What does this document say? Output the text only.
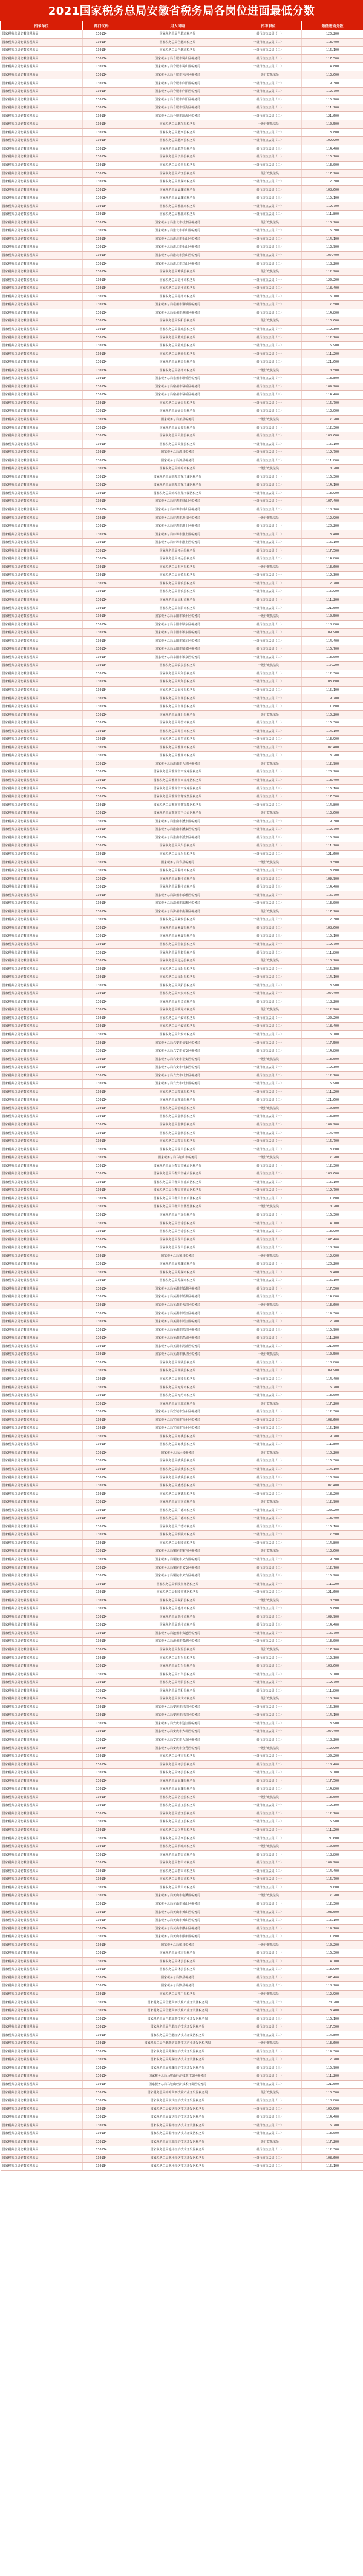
2021国家税务总局安徽省税务局各岗位进面最低分数
招录单位	部门代码	用人司局	招考职位	最低进面分数
国家税务总局安徽省税务局	130134	国家税务总局合肥市税务局	一级行政执法员（一）	120.200
国家税务总局安徽省税务局	130134	国家税务总局合肥市税务局	一级行政执法员（二）	118.400
国家税务总局安徽省税务局	130134	国家税务总局合肥市税务局	一级行政执法员（三）	116.100
国家税务总局安徽省税务局	130134	国家税务总局合肥市蜀山区税务局	一级行政执法员（一）	117.500
国家税务总局安徽省税务局	130134	国家税务总局合肥市蜀山区税务局	一级行政执法员（二）	114.800
国家税务总局安徽省税务局	130134	国家税务总局合肥市包河区税务局	一级行政执法员	113.600
国家税务总局安徽省税务局	130134	国家税务总局合肥市庐阳区税务局	一级行政执法员（一）	119.300
国家税务总局安徽省税务局	130134	国家税务总局合肥市庐阳区税务局	一级行政执法员（二）	112.700
国家税务总局安徽省税务局	130134	国家税务总局合肥市庐阳区税务局	一级行政执法员（三）	115.900
国家税务总局安徽省税务局	130134	国家税务总局合肥市瑶海区税务局	一级行政执法员（一）	111.200
国家税务总局安徽省税务局	130134	国家税务总局合肥市瑶海区税务局	一级行政执法员（二）	121.600
国家税务总局安徽省税务局	130134	国家税务总局肥东县税务局	一级行政执法员	110.500
国家税务总局安徽省税务局	130134	国家税务总局肥西县税务局	一级行政执法员（一）	118.800
国家税务总局安徽省税务局	130134	国家税务总局肥西县税务局	一级行政执法员（二）	109.900
国家税务总局安徽省税务局	130134	国家税务总局肥西县税务局	一级行政执法员（三）	114.400
国家税务总局安徽省税务局	130134	国家税务总局长丰县税务局	一级行政执法员（一）	116.700
国家税务总局安徽省税务局	130134	国家税务总局长丰县税务局	一级行政执法员（二）	113.000
国家税务总局安徽省税务局	130134	国家税务总局庐江县税务局	一级行政执法员	117.200
国家税务总局安徽省税务局	130134	国家税务总局巢湖市税务局	一级行政执法员（一）	112.300
国家税务总局安徽省税务局	130134	国家税务总局巢湖市税务局	一级行政执法员（二）	108.600
国家税务总局安徽省税务局	130134	国家税务总局巢湖市税务局	一级行政执法员（三）	115.100
国家税务总局安徽省税务局	130134	国家税务总局淮北市税务局	一级行政执法员（一）	119.700
国家税务总局安徽省税务局	130134	国家税务总局淮北市税务局	一级行政执法员（二）	111.800
国家税务总局安徽省税务局	130134	国家税务总局淮北市杜集区税务局	一级行政执法员	110.200
国家税务总局安徽省税务局	130134	国家税务总局淮北市相山区税务局	一级行政执法员（一）	116.300
国家税务总局安徽省税务局	130134	国家税务总局淮北市相山区税务局	一级行政执法员（二）	114.100
国家税务总局安徽省税务局	130134	国家税务总局淮北市相山区税务局	一级行政执法员（三）	113.900
国家税务总局安徽省税务局	130134	国家税务总局淮北市烈山区税务局	一级行政执法员（一）	107.400
国家税务总局安徽省税务局	130134	国家税务总局淮北市烈山区税务局	一级行政执法员（二）	118.200
国家税务总局安徽省税务局	130134	国家税务总局濉溪县税务局	一级行政执法员	112.900
国家税务总局安徽省税务局	130134	国家税务总局亳州市税务局	一级行政执法员（一）	120.200
国家税务总局安徽省税务局	130134	国家税务总局亳州市税务局	一级行政执法员（二）	118.400
国家税务总局安徽省税务局	130134	国家税务总局亳州市税务局	一级行政执法员（三）	116.100
国家税务总局安徽省税务局	130134	国家税务总局亳州市谯城区税务局	一级行政执法员（一）	117.500
国家税务总局安徽省税务局	130134	国家税务总局亳州市谯城区税务局	一级行政执法员（二）	114.800
国家税务总局安徽省税务局	130134	国家税务总局涡阳县税务局	一级行政执法员	113.600
国家税务总局安徽省税务局	130134	国家税务总局蒙城县税务局	一级行政执法员（一）	119.300
国家税务总局安徽省税务局	130134	国家税务总局蒙城县税务局	一级行政执法员（二）	112.700
国家税务总局安徽省税务局	130134	国家税务总局蒙城县税务局	一级行政执法员（三）	115.900
国家税务总局安徽省税务局	130134	国家税务总局利辛县税务局	一级行政执法员（一）	111.200
国家税务总局安徽省税务局	130134	国家税务总局利辛县税务局	一级行政执法员（二）	121.600
国家税务总局安徽省税务局	130134	国家税务总局宿州市税务局	一级行政执法员	110.500
国家税务总局安徽省税务局	130134	国家税务总局宿州市埇桥区税务局	一级行政执法员（一）	118.800
国家税务总局安徽省税务局	130134	国家税务总局宿州市埇桥区税务局	一级行政执法员（二）	109.900
国家税务总局安徽省税务局	130134	国家税务总局宿州市埇桥区税务局	一级行政执法员（三）	114.400
国家税务总局安徽省税务局	130134	国家税务总局砀山县税务局	一级行政执法员（一）	116.700
国家税务总局安徽省税务局	130134	国家税务总局砀山县税务局	一级行政执法员（二）	113.000
国家税务总局安徽省税务局	130134	国家税务总局萧县税务局	一级行政执法员	117.200
国家税务总局安徽省税务局	130134	国家税务总局灵璧县税务局	一级行政执法员（一）	112.300
国家税务总局安徽省税务局	130134	国家税务总局灵璧县税务局	一级行政执法员（二）	108.600
国家税务总局安徽省税务局	130134	国家税务总局灵璧县税务局	一级行政执法员（三）	115.100
国家税务总局安徽省税务局	130134	国家税务总局泗县税务局	一级行政执法员（一）	119.700
国家税务总局安徽省税务局	130134	国家税务总局泗县税务局	一级行政执法员（二）	111.800
国家税务总局安徽省税务局	130134	国家税务总局蚌埠市税务局	一级行政执法员	110.200
国家税务总局安徽省税务局	130134	国家税务总局蚌埠市龙子湖区税务局	一级行政执法员（一）	116.300
国家税务总局安徽省税务局	130134	国家税务总局蚌埠市龙子湖区税务局	一级行政执法员（二）	114.100
国家税务总局安徽省税务局	130134	国家税务总局蚌埠市龙子湖区税务局	一级行政执法员（三）	113.900
国家税务总局安徽省税务局	130134	国家税务总局蚌埠市蚌山区税务局	一级行政执法员（一）	107.400
国家税务总局安徽省税务局	130134	国家税务总局蚌埠市蚌山区税务局	一级行政执法员（二）	118.200
国家税务总局安徽省税务局	130134	国家税务总局蚌埠市禹会区税务局	一级行政执法员	112.900
国家税务总局安徽省税务局	130134	国家税务总局蚌埠市淮上区税务局	一级行政执法员（一）	120.200
国家税务总局安徽省税务局	130134	国家税务总局蚌埠市淮上区税务局	一级行政执法员（二）	118.400
国家税务总局安徽省税务局	130134	国家税务总局蚌埠市淮上区税务局	一级行政执法员（三）	116.100
国家税务总局安徽省税务局	130134	国家税务总局怀远县税务局	一级行政执法员（一）	117.500
国家税务总局安徽省税务局	130134	国家税务总局怀远县税务局	一级行政执法员（二）	114.800
国家税务总局安徽省税务局	130134	国家税务总局五河县税务局	一级行政执法员	113.600
国家税务总局安徽省税务局	130134	国家税务总局固镇县税务局	一级行政执法员（一）	119.300
国家税务总局安徽省税务局	130134	国家税务总局固镇县税务局	一级行政执法员（二）	112.700
国家税务总局安徽省税务局	130134	国家税务总局固镇县税务局	一级行政执法员（三）	115.900
国家税务总局安徽省税务局	130134	国家税务总局阜阳市税务局	一级行政执法员（一）	111.200
国家税务总局安徽省税务局	130134	国家税务总局阜阳市税务局	一级行政执法员（二）	121.600
国家税务总局安徽省税务局	130134	国家税务总局阜阳市颍州区税务局	一级行政执法员	110.500
国家税务总局安徽省税务局	130134	国家税务总局阜阳市颍东区税务局	一级行政执法员（一）	118.800
国家税务总局安徽省税务局	130134	国家税务总局阜阳市颍东区税务局	一级行政执法员（二）	109.900
国家税务总局安徽省税务局	130134	国家税务总局阜阳市颍东区税务局	一级行政执法员（三）	114.400
国家税务总局安徽省税务局	130134	国家税务总局阜阳市颍泉区税务局	一级行政执法员（一）	116.700
国家税务总局安徽省税务局	130134	国家税务总局阜阳市颍泉区税务局	一级行政执法员（二）	113.000
国家税务总局安徽省税务局	130134	国家税务总局临泉县税务局	一级行政执法员	117.200
国家税务总局安徽省税务局	130134	国家税务总局太和县税务局	一级行政执法员（一）	112.300
国家税务总局安徽省税务局	130134	国家税务总局太和县税务局	一级行政执法员（二）	108.600
国家税务总局安徽省税务局	130134	国家税务总局太和县税务局	一级行政执法员（三）	115.100
国家税务总局安徽省税务局	130134	国家税务总局阜南县税务局	一级行政执法员（一）	119.700
国家税务总局安徽省税务局	130134	国家税务总局阜南县税务局	一级行政执法员（二）	111.800
国家税务总局安徽省税务局	130134	国家税务总局颍上县税务局	一级行政执法员	110.200
国家税务总局安徽省税务局	130134	国家税务总局界首市税务局	一级行政执法员（一）	116.300
国家税务总局安徽省税务局	130134	国家税务总局界首市税务局	一级行政执法员（二）	114.100
国家税务总局安徽省税务局	130134	国家税务总局界首市税务局	一级行政执法员（三）	113.900
国家税务总局安徽省税务局	130134	国家税务总局淮南市税务局	一级行政执法员（一）	107.400
国家税务总局安徽省税务局	130134	国家税务总局淮南市税务局	一级行政执法员（二）	118.200
国家税务总局安徽省税务局	130134	国家税务总局淮南市大通区税务局	一级行政执法员	112.900
国家税务总局安徽省税务局	130134	国家税务总局淮南市田家庵区税务局	一级行政执法员（一）	120.200
国家税务总局安徽省税务局	130134	国家税务总局淮南市田家庵区税务局	一级行政执法员（二）	118.400
国家税务总局安徽省税务局	130134	国家税务总局淮南市田家庵区税务局	一级行政执法员（三）	116.100
国家税务总局安徽省税务局	130134	国家税务总局淮南市谢家集区税务局	一级行政执法员（一）	117.500
国家税务总局安徽省税务局	130134	国家税务总局淮南市谢家集区税务局	一级行政执法员（二）	114.800
国家税务总局安徽省税务局	130134	国家税务总局淮南市八公山区税务局	一级行政执法员	113.600
国家税务总局安徽省税务局	130134	国家税务总局淮南市潘集区税务局	一级行政执法员（一）	119.300
国家税务总局安徽省税务局	130134	国家税务总局淮南市潘集区税务局	一级行政执法员（二）	112.700
国家税务总局安徽省税务局	130134	国家税务总局淮南市潘集区税务局	一级行政执法员（三）	115.900
国家税务总局安徽省税务局	130134	国家税务总局凤台县税务局	一级行政执法员（一）	111.200
国家税务总局安徽省税务局	130134	国家税务总局凤台县税务局	一级行政执法员（二）	121.600
国家税务总局安徽省税务局	130134	国家税务总局寿县税务局	一级行政执法员	110.500
国家税务总局安徽省税务局	130134	国家税务总局滁州市税务局	一级行政执法员（一）	118.800
国家税务总局安徽省税务局	130134	国家税务总局滁州市税务局	一级行政执法员（二）	109.900
国家税务总局安徽省税务局	130134	国家税务总局滁州市税务局	一级行政执法员（三）	114.400
国家税务总局安徽省税务局	130134	国家税务总局滁州市琅琊区税务局	一级行政执法员（一）	116.700
国家税务总局安徽省税务局	130134	国家税务总局滁州市琅琊区税务局	一级行政执法员（二）	113.000
国家税务总局安徽省税务局	130134	国家税务总局滁州市南谯区税务局	一级行政执法员	117.200
国家税务总局安徽省税务局	130134	国家税务总局来安县税务局	一级行政执法员（一）	112.300
国家税务总局安徽省税务局	130134	国家税务总局来安县税务局	一级行政执法员（二）	108.600
国家税务总局安徽省税务局	130134	国家税务总局来安县税务局	一级行政执法员（三）	115.100
国家税务总局安徽省税务局	130134	国家税务总局全椒县税务局	一级行政执法员（一）	119.700
国家税务总局安徽省税务局	130134	国家税务总局全椒县税务局	一级行政执法员（二）	111.800
国家税务总局安徽省税务局	130134	国家税务总局定远县税务局	一级行政执法员	110.200
国家税务总局安徽省税务局	130134	国家税务总局凤阳县税务局	一级行政执法员（一）	116.300
国家税务总局安徽省税务局	130134	国家税务总局凤阳县税务局	一级行政执法员（二）	114.100
国家税务总局安徽省税务局	130134	国家税务总局凤阳县税务局	一级行政执法员（三）	113.900
国家税务总局安徽省税务局	130134	国家税务总局天长市税务局	一级行政执法员（一）	107.400
国家税务总局安徽省税务局	130134	国家税务总局天长市税务局	一级行政执法员（二）	118.200
国家税务总局安徽省税务局	130134	国家税务总局明光市税务局	一级行政执法员	112.900
国家税务总局安徽省税务局	130134	国家税务总局六安市税务局	一级行政执法员（一）	120.200
国家税务总局安徽省税务局	130134	国家税务总局六安市税务局	一级行政执法员（二）	118.400
国家税务总局安徽省税务局	130134	国家税务总局六安市税务局	一级行政执法员（三）	116.100
国家税务总局安徽省税务局	130134	国家税务总局六安市金安区税务局	一级行政执法员（一）	117.500
国家税务总局安徽省税务局	130134	国家税务总局六安市金安区税务局	一级行政执法员（二）	114.800
国家税务总局安徽省税务局	130134	国家税务总局六安市裕安区税务局	一级行政执法员	113.600
国家税务总局安徽省税务局	130134	国家税务总局六安市叶集区税务局	一级行政执法员（一）	119.300
国家税务总局安徽省税务局	130134	国家税务总局六安市叶集区税务局	一级行政执法员（二）	112.700
国家税务总局安徽省税务局	130134	国家税务总局六安市叶集区税务局	一级行政执法员（三）	115.900
国家税务总局安徽省税务局	130134	国家税务总局霍邱县税务局	一级行政执法员（一）	111.200
国家税务总局安徽省税务局	130134	国家税务总局霍邱县税务局	一级行政执法员（二）	121.600
国家税务总局安徽省税务局	130134	国家税务总局舒城县税务局	一级行政执法员	110.500
国家税务总局安徽省税务局	130134	国家税务总局金寨县税务局	一级行政执法员（一）	118.800
国家税务总局安徽省税务局	130134	国家税务总局金寨县税务局	一级行政执法员（二）	109.900
国家税务总局安徽省税务局	130134	国家税务总局金寨县税务局	一级行政执法员（三）	114.400
国家税务总局安徽省税务局	130134	国家税务总局霍山县税务局	一级行政执法员（一）	116.700
国家税务总局安徽省税务局	130134	国家税务总局霍山县税务局	一级行政执法员（二）	113.000
国家税务总局安徽省税务局	130134	国家税务总局马鞍山市税务局	一级行政执法员	117.200
国家税务总局安徽省税务局	130134	国家税务总局马鞍山市花山区税务局	一级行政执法员（一）	112.300
国家税务总局安徽省税务局	130134	国家税务总局马鞍山市花山区税务局	一级行政执法员（二）	108.600
国家税务总局安徽省税务局	130134	国家税务总局马鞍山市花山区税务局	一级行政执法员（三）	115.100
国家税务总局安徽省税务局	130134	国家税务总局马鞍山市雨山区税务局	一级行政执法员（一）	119.700
国家税务总局安徽省税务局	130134	国家税务总局马鞍山市雨山区税务局	一级行政执法员（二）	111.800
国家税务总局安徽省税务局	130134	国家税务总局马鞍山市博望区税务局	一级行政执法员	110.200
国家税务总局安徽省税务局	130134	国家税务总局当涂县税务局	一级行政执法员（一）	116.300
国家税务总局安徽省税务局	130134	国家税务总局当涂县税务局	一级行政执法员（二）	114.100
国家税务总局安徽省税务局	130134	国家税务总局当涂县税务局	一级行政执法员（三）	113.900
国家税务总局安徽省税务局	130134	国家税务总局含山县税务局	一级行政执法员（一）	107.400
国家税务总局安徽省税务局	130134	国家税务总局含山县税务局	一级行政执法员（二）	118.200
国家税务总局安徽省税务局	130134	国家税务总局和县税务局	一级行政执法员	112.900
国家税务总局安徽省税务局	130134	国家税务总局芜湖市税务局	一级行政执法员（一）	120.200
国家税务总局安徽省税务局	130134	国家税务总局芜湖市税务局	一级行政执法员（二）	118.400
国家税务总局安徽省税务局	130134	国家税务总局芜湖市税务局	一级行政执法员（三）	116.100
国家税务总局安徽省税务局	130134	国家税务总局芜湖市镜湖区税务局	一级行政执法员（一）	117.500
国家税务总局安徽省税务局	130134	国家税务总局芜湖市镜湖区税务局	一级行政执法员（二）	114.800
国家税务总局安徽省税务局	130134	国家税务总局芜湖市弋江区税务局	一级行政执法员	113.600
国家税务总局安徽省税务局	130134	国家税务总局芜湖市鸠江区税务局	一级行政执法员（一）	119.300
国家税务总局安徽省税务局	130134	国家税务总局芜湖市鸠江区税务局	一级行政执法员（二）	112.700
国家税务总局安徽省税务局	130134	国家税务总局芜湖市鸠江区税务局	一级行政执法员（三）	115.900
国家税务总局安徽省税务局	130134	国家税务总局芜湖市湾沚区税务局	一级行政执法员（一）	111.200
国家税务总局安徽省税务局	130134	国家税务总局芜湖市湾沚区税务局	一级行政执法员（二）	121.600
国家税务总局安徽省税务局	130134	国家税务总局芜湖市繁昌区税务局	一级行政执法员	110.500
国家税务总局安徽省税务局	130134	国家税务总局南陵县税务局	一级行政执法员（一）	118.800
国家税务总局安徽省税务局	130134	国家税务总局南陵县税务局	一级行政执法员（二）	109.900
国家税务总局安徽省税务局	130134	国家税务总局南陵县税务局	一级行政执法员（三）	114.400
国家税务总局安徽省税务局	130134	国家税务总局无为市税务局	一级行政执法员（一）	116.700
国家税务总局安徽省税务局	130134	国家税务总局无为市税务局	一级行政执法员（二）	113.000
国家税务总局安徽省税务局	130134	国家税务总局宣城市税务局	一级行政执法员	117.200
国家税务总局安徽省税务局	130134	国家税务总局宣城市宣州区税务局	一级行政执法员（一）	112.300
国家税务总局安徽省税务局	130134	国家税务总局宣城市宣州区税务局	一级行政执法员（二）	108.600
国家税务总局安徽省税务局	130134	国家税务总局宣城市宣州区税务局	一级行政执法员（三）	115.100
国家税务总局安徽省税务局	130134	国家税务总局郎溪县税务局	一级行政执法员（一）	119.700
国家税务总局安徽省税务局	130134	国家税务总局郎溪县税务局	一级行政执法员（二）	111.800
国家税务总局安徽省税务局	130134	国家税务总局泾县税务局	一级行政执法员	110.200
国家税务总局安徽省税务局	130134	国家税务总局绩溪县税务局	一级行政执法员（一）	116.300
国家税务总局安徽省税务局	130134	国家税务总局绩溪县税务局	一级行政执法员（二）	114.100
国家税务总局安徽省税务局	130134	国家税务总局绩溪县税务局	一级行政执法员（三）	113.900
国家税务总局安徽省税务局	130134	国家税务总局旌德县税务局	一级行政执法员（一）	107.400
国家税务总局安徽省税务局	130134	国家税务总局旌德县税务局	一级行政执法员（二）	118.200
国家税务总局安徽省税务局	130134	国家税务总局宁国市税务局	一级行政执法员	112.900
国家税务总局安徽省税务局	130134	国家税务总局广德市税务局	一级行政执法员（一）	120.200
国家税务总局安徽省税务局	130134	国家税务总局广德市税务局	一级行政执法员（二）	118.400
国家税务总局安徽省税务局	130134	国家税务总局广德市税务局	一级行政执法员（三）	116.100
国家税务总局安徽省税务局	130134	国家税务总局铜陵市税务局	一级行政执法员（一）	117.500
国家税务总局安徽省税务局	130134	国家税务总局铜陵市税务局	一级行政执法员（二）	114.800
国家税务总局安徽省税务局	130134	国家税务总局铜陵市铜官区税务局	一级行政执法员	113.600
国家税务总局安徽省税务局	130134	国家税务总局铜陵市义安区税务局	一级行政执法员（一）	119.300
国家税务总局安徽省税务局	130134	国家税务总局铜陵市义安区税务局	一级行政执法员（二）	112.700
国家税务总局安徽省税务局	130134	国家税务总局铜陵市义安区税务局	一级行政执法员（三）	115.900
国家税务总局安徽省税务局	130134	国家税务总局铜陵市郊区税务局	一级行政执法员（一）	111.200
国家税务总局安徽省税务局	130134	国家税务总局铜陵市郊区税务局	一级行政执法员（二）	121.600
国家税务总局安徽省税务局	130134	国家税务总局枞阳县税务局	一级行政执法员	110.500
国家税务总局安徽省税务局	130134	国家税务总局池州市税务局	一级行政执法员（一）	118.800
国家税务总局安徽省税务局	130134	国家税务总局池州市税务局	一级行政执法员（二）	109.900
国家税务总局安徽省税务局	130134	国家税务总局池州市税务局	一级行政执法员（三）	114.400
国家税务总局安徽省税务局	130134	国家税务总局池州市贵池区税务局	一级行政执法员（一）	116.700
国家税务总局安徽省税务局	130134	国家税务总局池州市贵池区税务局	一级行政执法员（二）	113.000
国家税务总局安徽省税务局	130134	国家税务总局东至县税务局	一级行政执法员	117.200
国家税务总局安徽省税务局	130134	国家税务总局石台县税务局	一级行政执法员（一）	112.300
国家税务总局安徽省税务局	130134	国家税务总局石台县税务局	一级行政执法员（二）	108.600
国家税务总局安徽省税务局	130134	国家税务总局石台县税务局	一级行政执法员（三）	115.100
国家税务总局安徽省税务局	130134	国家税务总局青阳县税务局	一级行政执法员（一）	119.700
国家税务总局安徽省税务局	130134	国家税务总局青阳县税务局	一级行政执法员（二）	111.800
国家税务总局安徽省税务局	130134	国家税务总局安庆市税务局	一级行政执法员	110.200
国家税务总局安徽省税务局	130134	国家税务总局安庆市迎江区税务局	一级行政执法员（一）	116.300
国家税务总局安徽省税务局	130134	国家税务总局安庆市迎江区税务局	一级行政执法员（二）	114.100
国家税务总局安徽省税务局	130134	国家税务总局安庆市迎江区税务局	一级行政执法员（三）	113.900
国家税务总局安徽省税务局	130134	国家税务总局安庆市大观区税务局	一级行政执法员（一）	107.400
国家税务总局安徽省税务局	130134	国家税务总局安庆市大观区税务局	一级行政执法员（二）	118.200
国家税务总局安徽省税务局	130134	国家税务总局安庆市宜秀区税务局	一级行政执法员	112.900
国家税务总局安徽省税务局	130134	国家税务总局怀宁县税务局	一级行政执法员（一）	120.200
国家税务总局安徽省税务局	130134	国家税务总局怀宁县税务局	一级行政执法员（二）	118.400
国家税务总局安徽省税务局	130134	国家税务总局怀宁县税务局	一级行政执法员（三）	116.100
国家税务总局安徽省税务局	130134	国家税务总局太湖县税务局	一级行政执法员（一）	117.500
国家税务总局安徽省税务局	130134	国家税务总局太湖县税务局	一级行政执法员（二）	114.800
国家税务总局安徽省税务局	130134	国家税务总局宿松县税务局	一级行政执法员	113.600
国家税务总局安徽省税务局	130134	国家税务总局望江县税务局	一级行政执法员（一）	119.300
国家税务总局安徽省税务局	130134	国家税务总局望江县税务局	一级行政执法员（二）	112.700
国家税务总局安徽省税务局	130134	国家税务总局望江县税务局	一级行政执法员（三）	115.900
国家税务总局安徽省税务局	130134	国家税务总局岳西县税务局	一级行政执法员（一）	111.200
国家税务总局安徽省税务局	130134	国家税务总局岳西县税务局	一级行政执法员（二）	121.600
国家税务总局安徽省税务局	130134	国家税务总局桐城市税务局	一级行政执法员	110.500
国家税务总局安徽省税务局	130134	国家税务总局潜山市税务局	一级行政执法员（一）	118.800
国家税务总局安徽省税务局	130134	国家税务总局潜山市税务局	一级行政执法员（二）	109.900
国家税务总局安徽省税务局	130134	国家税务总局潜山市税务局	一级行政执法员（三）	114.400
国家税务总局安徽省税务局	130134	国家税务总局黄山市税务局	一级行政执法员（一）	116.700
国家税务总局安徽省税务局	130134	国家税务总局黄山市税务局	一级行政执法员（二）	113.000
国家税务总局安徽省税务局	130134	国家税务总局黄山市屯溪区税务局	一级行政执法员	117.200
国家税务总局安徽省税务局	130134	国家税务总局黄山市黄山区税务局	一级行政执法员（一）	112.300
国家税务总局安徽省税务局	130134	国家税务总局黄山市黄山区税务局	一级行政执法员（二）	108.600
国家税务总局安徽省税务局	130134	国家税务总局黄山市黄山区税务局	一级行政执法员（三）	115.100
国家税务总局安徽省税务局	130134	国家税务总局黄山市徽州区税务局	一级行政执法员（一）	119.700
国家税务总局安徽省税务局	130134	国家税务总局黄山市徽州区税务局	一级行政执法员（二）	111.800
国家税务总局安徽省税务局	130134	国家税务总局歙县税务局	一级行政执法员	110.200
国家税务总局安徽省税务局	130134	国家税务总局休宁县税务局	一级行政执法员（一）	116.300
国家税务总局安徽省税务局	130134	国家税务总局休宁县税务局	一级行政执法员（二）	114.100
国家税务总局安徽省税务局	130134	国家税务总局休宁县税务局	一级行政执法员（三）	113.900
国家税务总局安徽省税务局	130134	国家税务总局黟县税务局	一级行政执法员（一）	107.400
国家税务总局安徽省税务局	130134	国家税务总局黟县税务局	一级行政执法员（二）	118.200
国家税务总局安徽省税务局	130134	国家税务总局祁门县税务局	一级行政执法员	112.900
国家税务总局安徽省税务局	130134	国家税务总局合肥高新技术产业开发区税务局	一级行政执法员（一）	120.200
国家税务总局安徽省税务局	130134	国家税务总局合肥高新技术产业开发区税务局	一级行政执法员（二）	118.400
国家税务总局安徽省税务局	130134	国家税务总局合肥高新技术产业开发区税务局	一级行政执法员（三）	116.100
国家税务总局安徽省税务局	130134	国家税务总局合肥经济技术开发区税务局	一级行政执法员（一）	117.500
国家税务总局安徽省税务局	130134	国家税务总局合肥经济技术开发区税务局	一级行政执法员（二）	114.800
国家税务总局安徽省税务局	130134	国家税务总局合肥新站高新技术产业开发区税务局	一级行政执法员	113.600
国家税务总局安徽省税务局	130134	国家税务总局芜湖经济技术开发区税务局	一级行政执法员（一）	119.300
国家税务总局安徽省税务局	130134	国家税务总局芜湖经济技术开发区税务局	一级行政执法员（二）	112.700
国家税务总局安徽省税务局	130134	国家税务总局芜湖经济技术开发区税务局	一级行政执法员（三）	115.900
国家税务总局安徽省税务局	130134	国家税务总局马鞍山经济技术开发区税务局	一级行政执法员（一）	111.200
国家税务总局安徽省税务局	130134	国家税务总局马鞍山经济技术开发区税务局	一级行政执法员（二）	121.600
国家税务总局安徽省税务局	130134	国家税务总局蚌埠高新技术产业开发区税务局	一级行政执法员	110.500
国家税务总局安徽省税务局	130134	国家税务总局安庆经济技术开发区税务局	一级行政执法员（一）	118.800
国家税务总局安徽省税务局	130134	国家税务总局安庆经济技术开发区税务局	一级行政执法员（二）	109.900
国家税务总局安徽省税务局	130134	国家税务总局安庆经济技术开发区税务局	一级行政执法员（三）	114.400
国家税务总局安徽省税务局	130134	国家税务总局滁州经济技术开发区税务局	一级行政执法员（一）	116.700
国家税务总局安徽省税务局	130134	国家税务总局滁州经济技术开发区税务局	一级行政执法员（二）	113.000
国家税务总局安徽省税务局	130134	国家税务总局宣城经济技术开发区税务局	一级行政执法员	117.200
国家税务总局安徽省税务局	130134	国家税务总局池州经济技术开发区税务局	一级行政执法员（一）	112.300
国家税务总局安徽省税务局	130134	国家税务总局池州经济技术开发区税务局	一级行政执法员（二）	108.600
国家税务总局安徽省税务局	130134	国家税务总局池州经济技术开发区税务局	一级行政执法员（三）	115.100
